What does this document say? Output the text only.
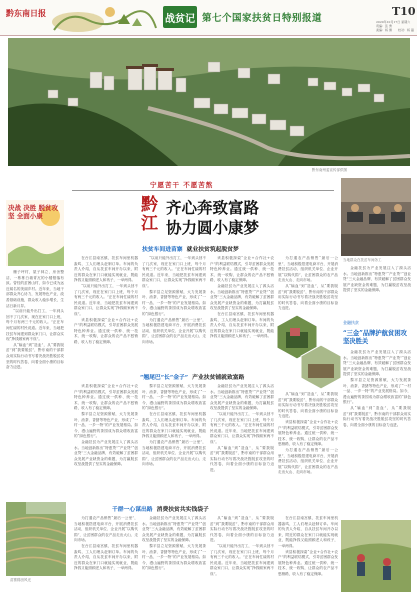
黔东南日报
战贫记 第七个国家扶贫日特别报道
T10
2020年10月17日 星期六
责编：张 勇
美编：杨 旗 校对：杨 磊
黔东南州委宣传部供图
决战 决胜 脱贫攻坚 全面小康

栅子坪村，屋子林立，房舍整洁，一栋栋白墙青瓦的小楼错落有致。曾经的贫困山村，如今已成为远近闻名的美丽乡村。近年来，当地干部群众齐心协力，发展特色产业，改善基础设施，群众收入稳步增长，生活日新月异。

“以前只能外出打工，一年到头回不了几次家，现在在家门口上班，每个月有两三千元的收入。”正在车间忙碌的村民说道。近年来，当地把扶贫车间建到群众家门口，让群众实现“挣钱顾家两不误”。

从“输血”到“造血”，从“要我脱贫”到“我要脱贫”，黔东南的干部群众用实际行动书写着决战决胜脱贫攻坚的时代答卷，向着全面小康的目标奋力迈进。

苗寨梯田风光
宁愿苦干 不愿苦熬
黔江
齐心奔致富路
协力圆小康梦
扶贫车间进苗寨 就业扶贫筑起脱贫梦

在台江县南宫镇，扶贫车间里机器轰鸣，工人们埋头赶制订单。车间的负责人介绍，自从扶贫车间开办以来，附近的群众在家门口就能实现就业，既能挣钱又能照顾老人和孩子，一举两得。

“以前只能外出打工，一年到头回不了几次家，现在在家门口上班，每个月有两三千元的收入。”正在车间忙碌的村民说道。近年来，当地把扶贫车间建到群众家门口，让群众实现“挣钱顾家两不误”。

该县积极探索“企业+合作社+农户”的利益联结模式，引导贫困群众发展特色种养业。通过统一供种、统一技术、统一收购，让群众的农产品不愁销路，收入有了稳定保障。

“以前只能外出打工，一年到头回不了几次家，现在在家门口上班，每个月有两三千元的收入。”正在车间忙碌的村民说道。近年来，当地把扶贫车间建到群众家门口，让群众实现“挣钱顾家两不误”。

黎平县立足资源禀赋，大力发展茶叶、油茶、香猪等特色产业，形成了“一村一品、一乡一特”的产业发展格局。如今，漫山遍野的茶园成为群众增收致富的“绿色银行”。

为打通农产品销售“最后一公里”，当地积极搭建电商平台，开展消费扶贫活动，组织机关单位、企业开展“以购代捐”，让贫困群众的农产品走出大山、走向市场。

该县积极探索“企业+合作社+农户”的利益联结模式，引导贫困群众发展特色种养业。通过统一供种、统一技术、统一收购，让群众的农产品不愁销路，收入有了稳定保障。

金融扶贫为产业发展注入了源头活水。当地创新推出“特惠贷”“产业贷”“创业贷”三大金融品牌，有效破解了贫困群众发展产业缺资金的难题，为打赢脱贫攻坚战提供了坚实的金融保障。

在台江县南宫镇，扶贫车间里机器轰鸣，工人们埋头赶制订单。车间的负责人介绍，自从扶贫车间开办以来，附近的群众在家门口就能实现就业，既能挣钱又能照顾老人和孩子，一举两得。

为打通农产品销售“最后一公里”，当地积极搭建电商平台，开展消费扶贫活动，组织机关单位、企业开展“以购代捐”，让贫困群众的农产品走出大山、走向市场。

从“输血”到“造血”，从“要我脱贫”到“我要脱贫”，黔东南的干部群众用实际行动书写着决战决胜脱贫攻坚的时代答卷，向着全面小康的目标奋力迈进。

“翘尾巴”长“金子” 产业扶贫铺就致富路

该县积极探索“企业+合作社+农户”的利益联结模式，引导贫困群众发展特色种养业。通过统一供种、统一技术、统一收购，让群众的农产品不愁销路，收入有了稳定保障。

黎平县立足资源禀赋，大力发展茶叶、油茶、香猪等特色产业，形成了“一村一品、一乡一特”的产业发展格局。如今，漫山遍野的茶园成为群众增收致富的“绿色银行”。

金融扶贫为产业发展注入了源头活水。当地创新推出“特惠贷”“产业贷”“创业贷”三大金融品牌，有效破解了贫困群众发展产业缺资金的难题，为打赢脱贫攻坚战提供了坚实的金融保障。

黎平县立足资源禀赋，大力发展茶叶、油茶、香猪等特色产业，形成了“一村一品、一乡一特”的产业发展格局。如今，漫山遍野的茶园成为群众增收致富的“绿色银行”。

在台江县南宫镇，扶贫车间里机器轰鸣，工人们埋头赶制订单。车间的负责人介绍，自从扶贫车间开办以来，附近的群众在家门口就能实现就业，既能挣钱又能照顾老人和孩子，一举两得。

为打通农产品销售“最后一公里”，当地积极搭建电商平台，开展消费扶贫活动，组织机关单位、企业开展“以购代捐”，让贫困群众的农产品走出大山、走向市场。

金融扶贫为产业发展注入了源头活水。当地创新推出“特惠贷”“产业贷”“创业贷”三大金融品牌，有效破解了贫困群众发展产业缺资金的难题，为打赢脱贫攻坚战提供了坚实的金融保障。

“以前只能外出打工，一年到头回不了几次家，现在在家门口上班，每个月有两三千元的收入。”正在车间忙碌的村民说道。近年来，当地把扶贫车间建到群众家门口，让群众实现“挣钱顾家两不误”。

从“输血”到“造血”，从“要我脱贫”到“我要脱贫”，黔东南的干部群众用实际行动书写着决战决胜脱贫攻坚的时代答卷，向着全面小康的目标奋力迈进。

从“输血”到“造血”，从“要我脱贫”到“我要脱贫”，黔东南的干部群众用实际行动书写着决战决胜脱贫攻坚的时代答卷，向着全面小康的目标奋力迈进。

该县积极探索“企业+合作社+农户”的利益联结模式，引导贫困群众发展特色种养业。通过统一供种、统一技术、统一收购，让群众的农产品不愁销路，收入有了稳定保障。

为打通农产品销售“最后一公里”，当地积极搭建电商平台，开展消费扶贫活动，组织机关单位、企业开展“以购代捐”，让贫困群众的农产品走出大山、走向市场。

千群一心谋出路 消费扶贫共实钱袋子

为打通农产品销售“最后一公里”，当地积极搭建电商平台，开展消费扶贫活动，组织机关单位、企业开展“以购代捐”，让贫困群众的农产品走出大山、走向市场。

在台江县南宫镇，扶贫车间里机器轰鸣，工人们埋头赶制订单。车间的负责人介绍，自从扶贫车间开办以来，附近的群众在家门口就能实现就业，既能挣钱又能照顾老人和孩子，一举两得。

金融扶贫为产业发展注入了源头活水。当地创新推出“特惠贷”“产业贷”“创业贷”三大金融品牌，有效破解了贫困群众发展产业缺资金的难题，为打赢脱贫攻坚战提供了坚实的金融保障。

黎平县立足资源禀赋，大力发展茶叶、油茶、香猪等特色产业，形成了“一村一品、一乡一特”的产业发展格局。如今，漫山遍野的茶园成为群众增收致富的“绿色银行”。

从“输血”到“造血”，从“要我脱贫”到“我要脱贫”，黔东南的干部群众用实际行动书写着决战决胜脱贫攻坚的时代答卷，向着全面小康的目标奋力迈进。

“以前只能外出打工，一年到头回不了几次家，现在在家门口上班，每个月有两三千元的收入。”正在车间忙碌的村民说道。近年来，当地把扶贫车间建到群众家门口，让群众实现“挣钱顾家两不误”。

在台江县南宫镇，扶贫车间里机器轰鸣，工人们埋头赶制订单。车间的负责人介绍，自从扶贫车间开办以来，附近的群众在家门口就能实现就业，既能挣钱又能照顾老人和孩子，一举两得。

该县积极探索“企业+合作社+农户”的利益联结模式，引导贫困群众发展特色种养业。通过统一供种、统一技术、统一收购，让群众的农产品不愁销路，收入有了稳定保障。

当地群众在扶贫车间务工

金融扶贫为产业发展注入了源头活水。当地创新推出“特惠贷”“产业贷”“创业贷”三大金融品牌，有效破解了贫困群众发展产业缺资金的难题，为打赢脱贫攻坚战提供了坚实的金融保障。

金融扶贫
“三金”品牌护航贫困攻坚决胜关

金融扶贫为产业发展注入了源头活水。当地创新推出“特惠贷”“产业贷”“创业贷”三大金融品牌，有效破解了贫困群众发展产业缺资金的难题，为打赢脱贫攻坚战提供了坚实的金融保障。

黎平县立足资源禀赋，大力发展茶叶、油茶、香猪等特色产业，形成了“一村一品、一乡一特”的产业发展格局。如今，漫山遍野的茶园成为群众增收致富的“绿色银行”。

从“输血”到“造血”，从“要我脱贫”到“我要脱贫”，黔东南的干部群众用实际行动书写着决战决胜脱贫攻坚的时代答卷，向着全面小康的目标奋力迈进。
